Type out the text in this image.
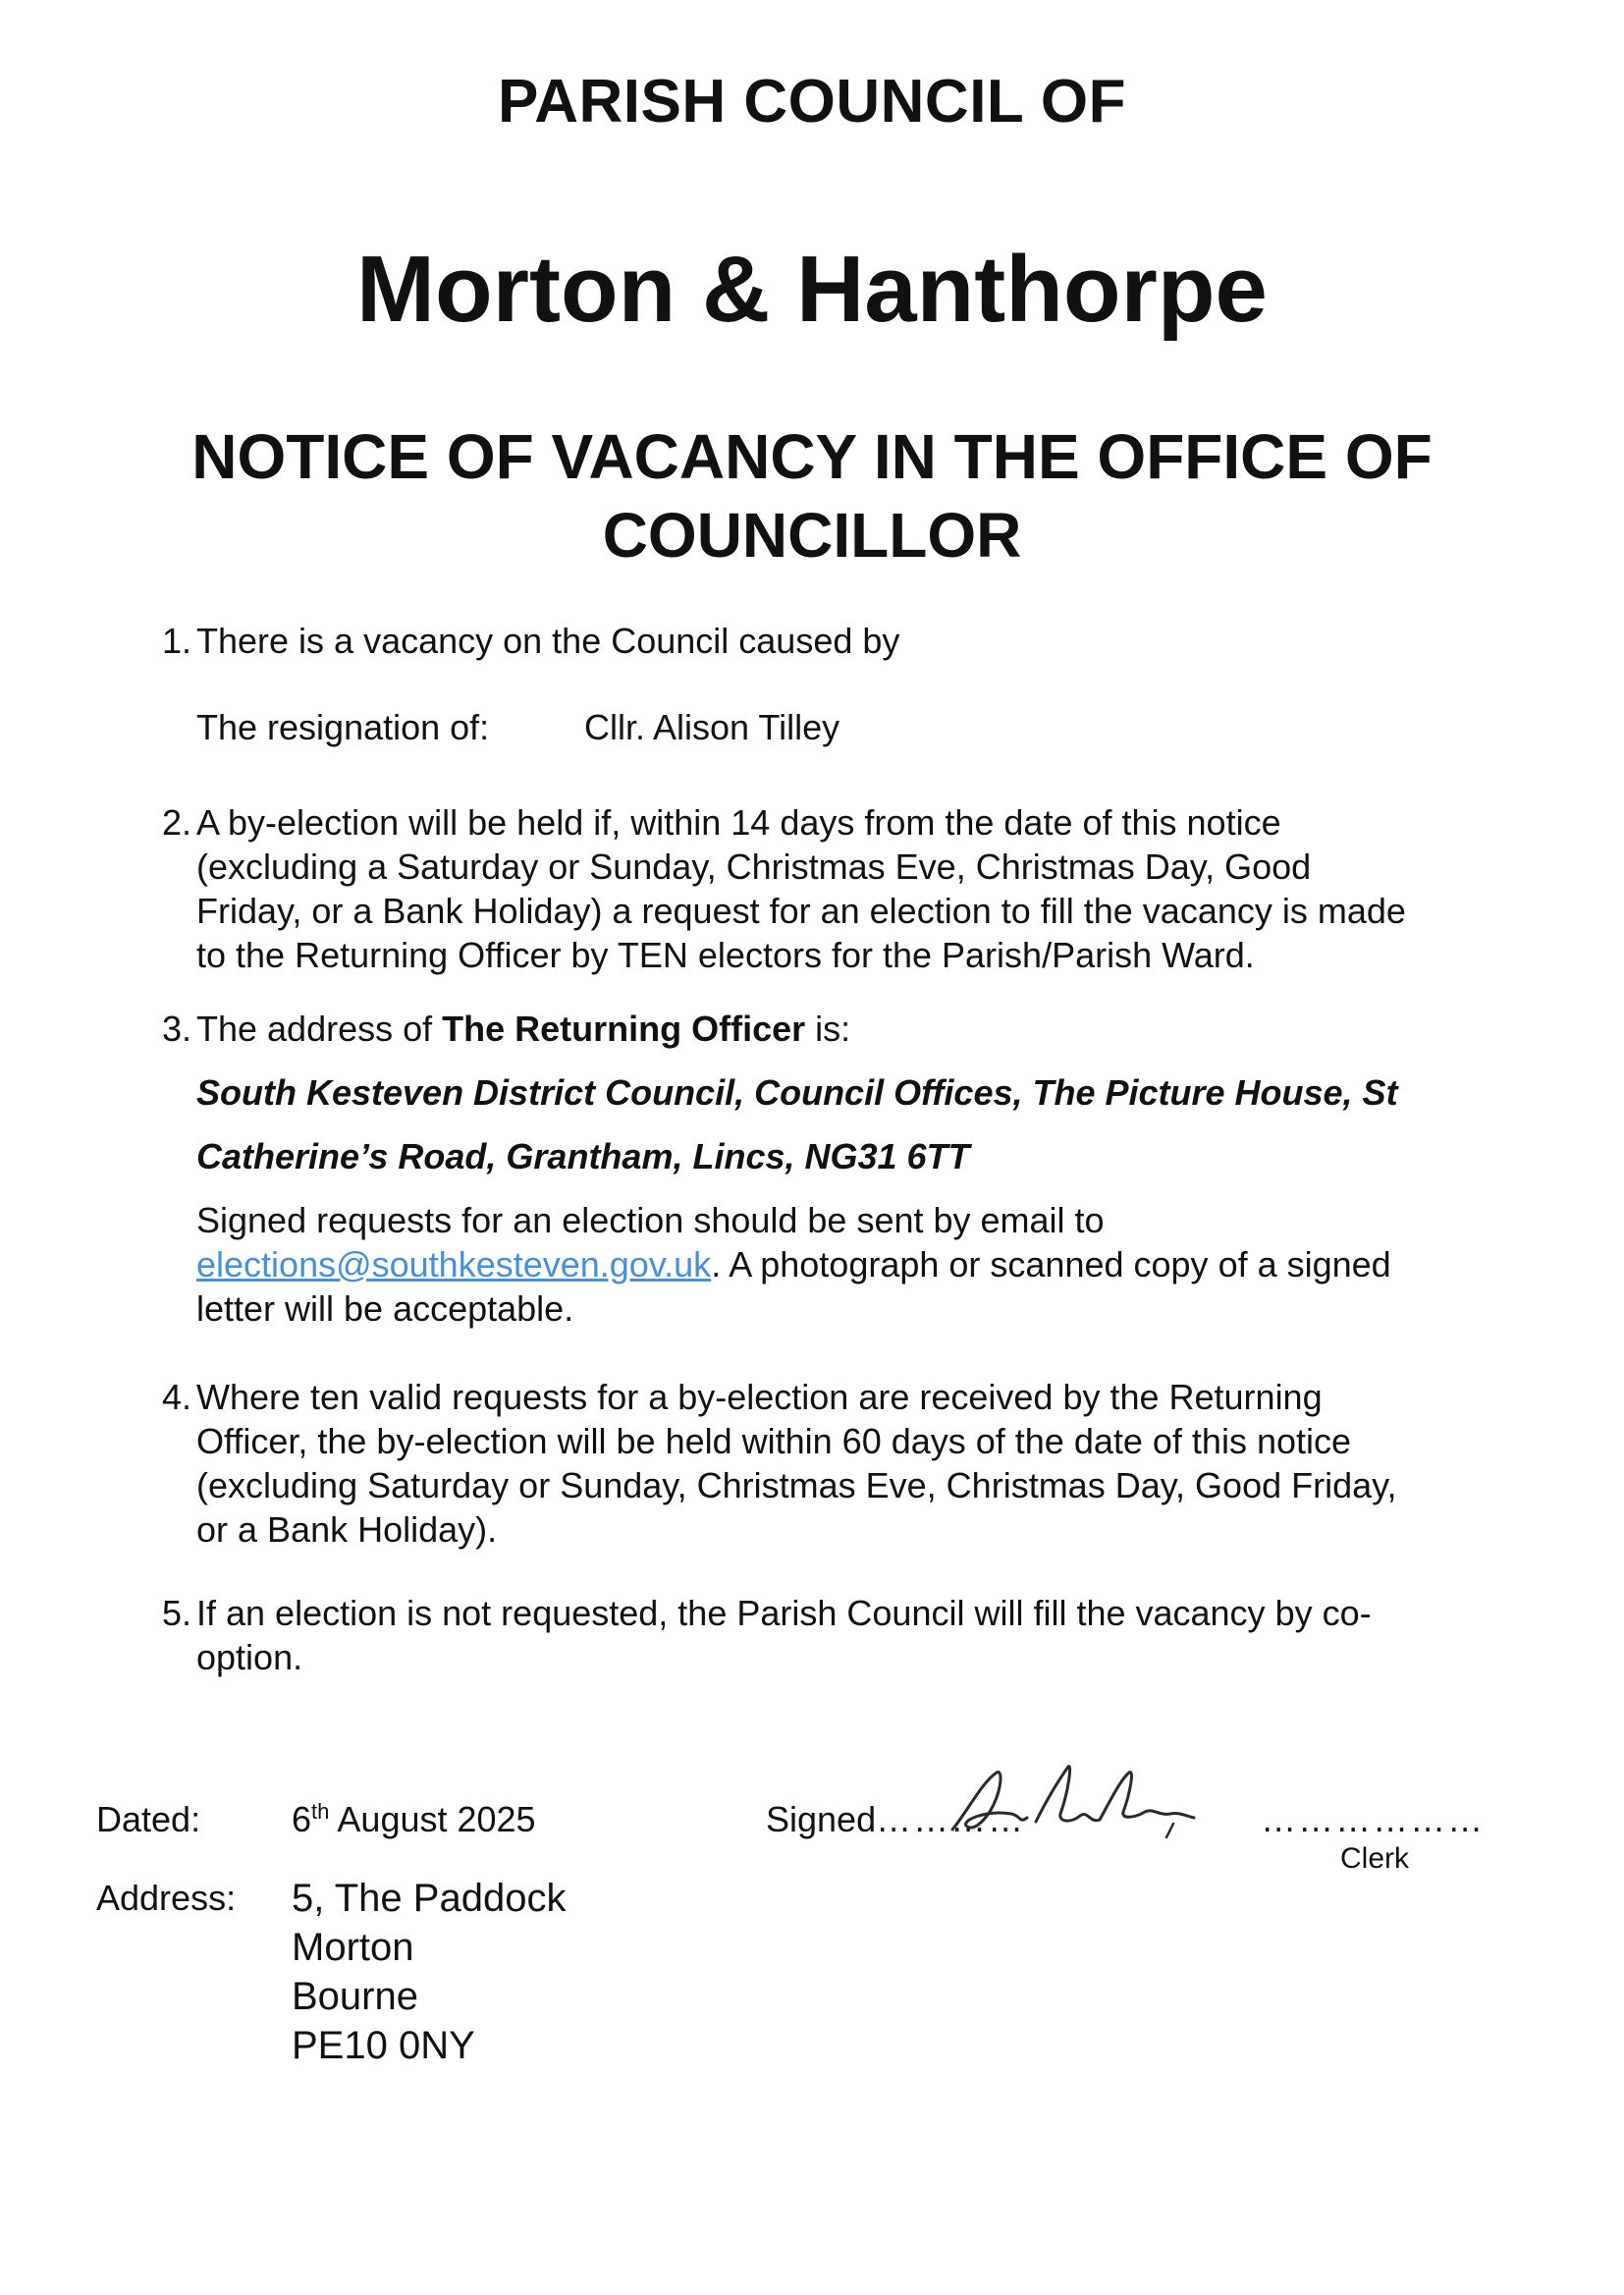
PARISH COUNCIL OF
Morton & Hanthorpe
NOTICE OF VACANCY IN THE OFFICE OF
COUNCILLOR
1. There is a vacancy on the Council caused by
The resignation of:	Cllr. Alison Tilley
2. A by-election will be held if, within 14 days from the date of this notice
(excluding a Saturday or Sunday, Christmas Eve, Christmas Day, Good
Friday, or a Bank Holiday) a request for an election to fill the vacancy is made
to the Returning Officer by TEN electors for the Parish/Parish Ward.
3. The address of The Returning Officer is:
South Kesteven District Council, Council Offices, The Picture House, St
Catherine’s Road, Grantham, Lincs, NG31 6TT
Signed requests for an election should be sent by email to
elections@southkesteven.gov.uk. A photograph or scanned copy of a signed
letter will be acceptable.
4. Where ten valid requests for a by-election are received by the Returning
Officer, the by-election will be held within 60 days of the date of this notice
(excluding Saturday or Sunday, Christmas Eve, Christmas Day, Good Friday,
or a Bank Holiday).
5. If an election is not requested, the Parish Council will fill the vacancy by co-
option.
Dated:	6th August 2025	Signed…………	………………
Clerk
Address: 5, The Paddock
Morton
Bourne
PE10 0NY
